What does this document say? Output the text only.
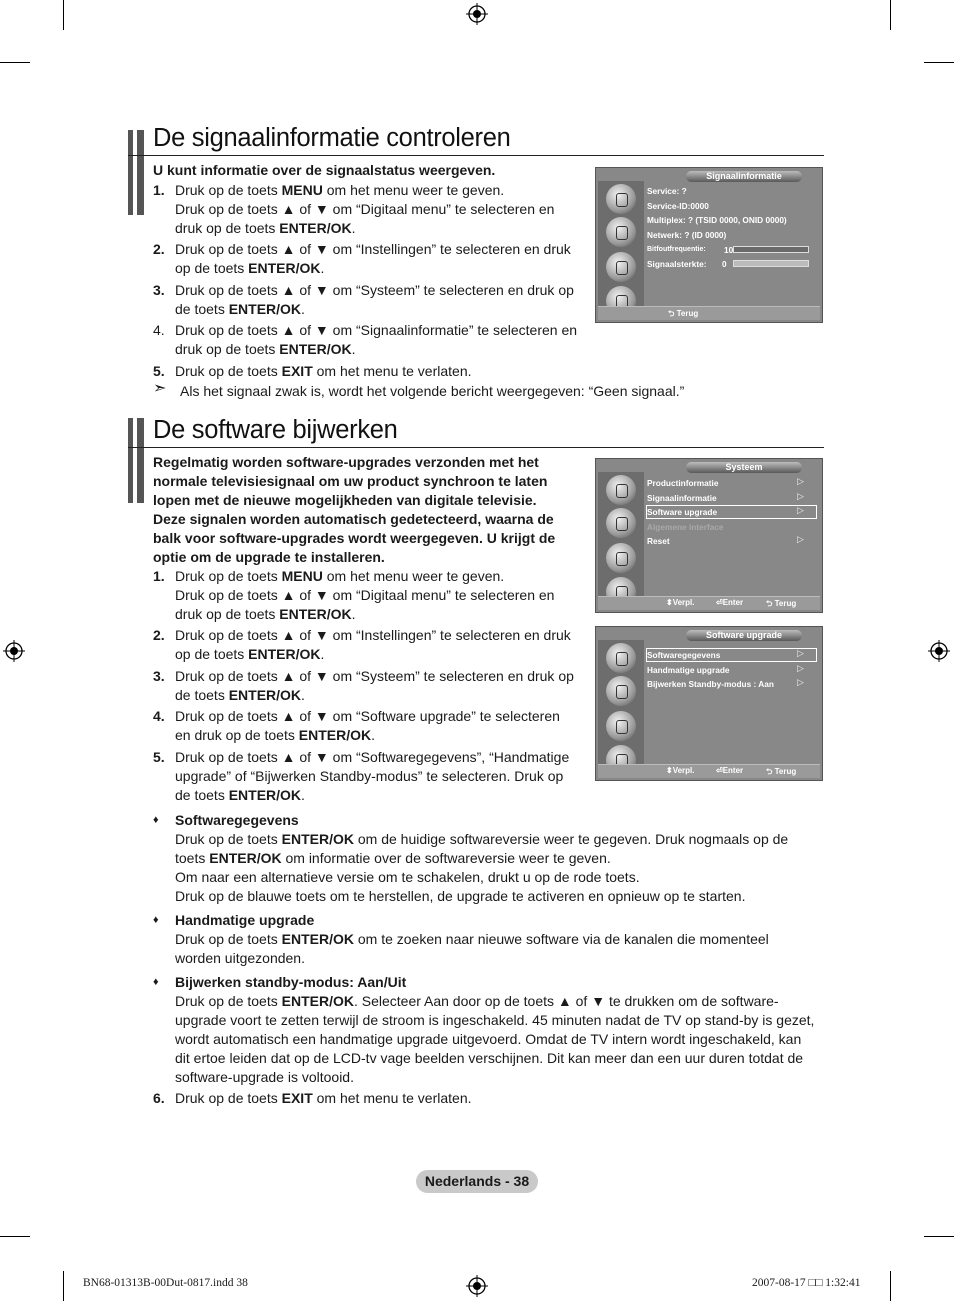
De signaalinformatie controleren
U kunt informatie over de signaalstatus weergeven.
1. Druk op de toets MENU om het menu weer te geven.
Druk op de toets ▲ of ▼ om “Digitaal menu” te selecteren en
druk op de toets ENTER/OK.
2. Druk op de toets ▲ of ▼ om “Instellingen” te selecteren en druk
op de toets ENTER/OK.
3. Druk op de toets ▲ of ▼ om “Systeem” te selecteren en druk op
de toets ENTER/OK.
4. Druk op de toets ▲ of ▼ om “Signaalinformatie” te selecteren en
druk op de toets ENTER/OK.
5. Druk op de toets EXIT om het menu te verlaten.
➣ Als het signaal zwak is, wordt het volgende bericht weergegeven: “Geen signaal.”
Signaalinformatie
Service: ?
Service-ID:0000
Multiplex: ? (TSID 0000, ONID 0000)
Netwerk: ? (ID 0000)
Bitfoutfrequentie: 10
Signaalsterkte: 0
⮌ Terug
De software bijwerken
Regelmatig worden software-upgrades verzonden met het
normale televisiesignaal om uw product synchroon te laten
lopen met de nieuwe mogelijkheden van digitale televisie.
Deze signalen worden automatisch gedetecteerd, waarna de
balk voor software-upgrades wordt weergegeven. U krijgt de
optie om de upgrade te installeren.
1. Druk op de toets MENU om het menu weer te geven.
Druk op de toets ▲ of ▼ om “Digitaal menu” te selecteren en
druk op de toets ENTER/OK.
2. Druk op de toets ▲ of ▼ om “Instellingen” te selecteren en druk
op de toets ENTER/OK.
3. Druk op de toets ▲ of ▼ om “Systeem” te selecteren en druk op
de toets ENTER/OK.
4. Druk op de toets ▲ of ▼ om “Software upgrade” te selecteren
en druk op de toets ENTER/OK.
5. Druk op de toets ▲ of ▼ om “Softwaregegevens”, “Handmatige
upgrade” of “Bijwerken Standby-modus” te selecteren. Druk op
de toets ENTER/OK.
♦ Softwaregegevens
Druk op de toets ENTER/OK om de huidige softwareversie weer te gegeven. Druk nogmaals op de
toets ENTER/OK om informatie over de softwareversie weer te geven.
Om naar een alternatieve versie om te schakelen, drukt u op de rode toets.
Druk op de blauwe toets om te herstellen, de upgrade te activeren en opnieuw op te starten.
♦ Handmatige upgrade
Druk op de toets ENTER/OK om te zoeken naar nieuwe software via de kanalen die momenteel
worden uitgezonden.
♦ Bijwerken standby-modus: Aan/Uit
Druk op de toets ENTER/OK. Selecteer Aan door op de toets ▲ of ▼ te drukken om de software-
upgrade voort te zetten terwijl de stroom is ingeschakeld. 45 minuten nadat de TV op stand-by is gezet,
wordt automatisch een handmatige upgrade uitgevoerd. Omdat de TV intern wordt ingeschakeld, kan
dit ertoe leiden dat op de LCD-tv vage beelden verschijnen. Dit kan meer dan een uur duren totdat de
software-upgrade is voltooid.
6. Druk op de toets EXIT om het menu te verlaten.
Systeem
Productinformatie	▷
Signaalinformatie	▷
Software upgrade	▷
Algemene interface
Reset	▷
⬍Verpl.	⏎Enter	⮌ Terug
Software upgrade
Softwaregegevens	▷
Handmatige upgrade	▷
Bijwerken Standby-modus : Aan	▷
⬍Verpl.	⏎Enter	⮌ Terug
Nederlands - 38
BN68-01313B-00Dut-0817.indd 38	2007-08-17 □□ 1:32:41
